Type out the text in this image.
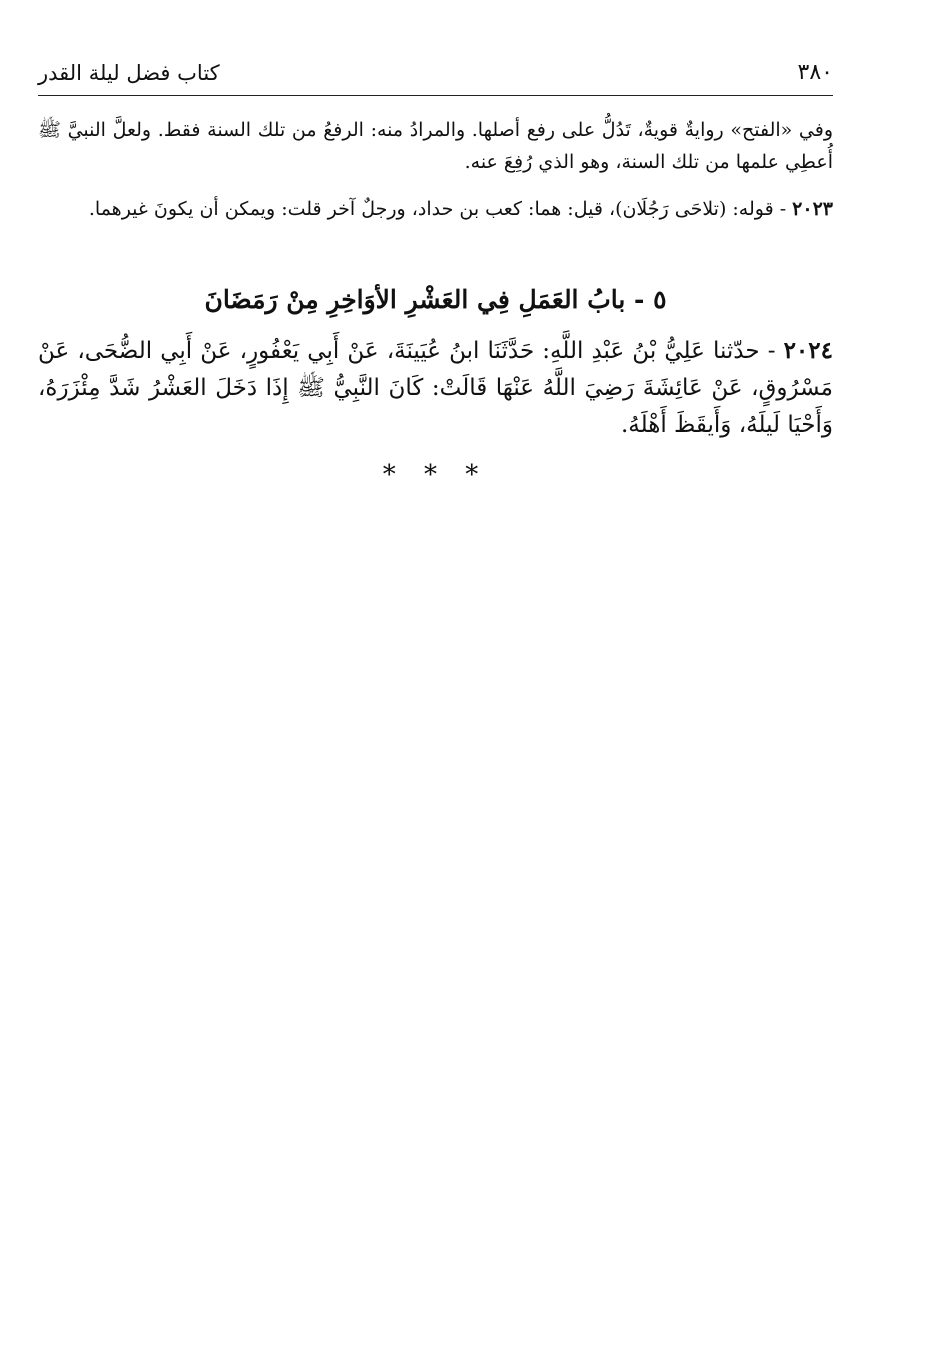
٣٨٠
كتاب فضل ليلة القدر

وفي «الفتح» روايةٌ قويةٌ، تَدُلُّ على رفع أصلها. والمرادُ منه: الرفعُ من تلك السنة فقط. ولعلَّ النبيَّ ﷺ أُعطِي علمها من تلك السنة، وهو الذي رُفِعَ عنه.

٢٠٢٣ - قوله: (تلاحَى رَجُلَان)، قيل: هما: كعب بن حداد، ورجلٌ آخر قلت: ويمكن أن يكونَ غيرهما.

٥ - بابُ العَمَلِ فِي العَشْرِ الأوَاخِرِ مِنْ رَمَضَانَ

٢٠٢٤ - حدّثنا عَلِيُّ بْنُ عَبْدِ اللَّهِ: حَدَّثَنَا ابنُ عُيَينَةَ، عَنْ أَبِي يَعْفُورٍ، عَنْ أَبِي الضُّحَى، عَنْ مَسْرُوقٍ، عَنْ عَائِشَةَ رَضِيَ اللَّهُ عَنْهَا قَالَتْ: كَانَ النَّبِيُّ ﷺ إِذَا دَخَلَ العَشْرُ شَدَّ مِئْزَرَهُ، وَأَحْيَا لَيلَهُ، وَأَيقَظَ أَهْلَهُ.

* * *
